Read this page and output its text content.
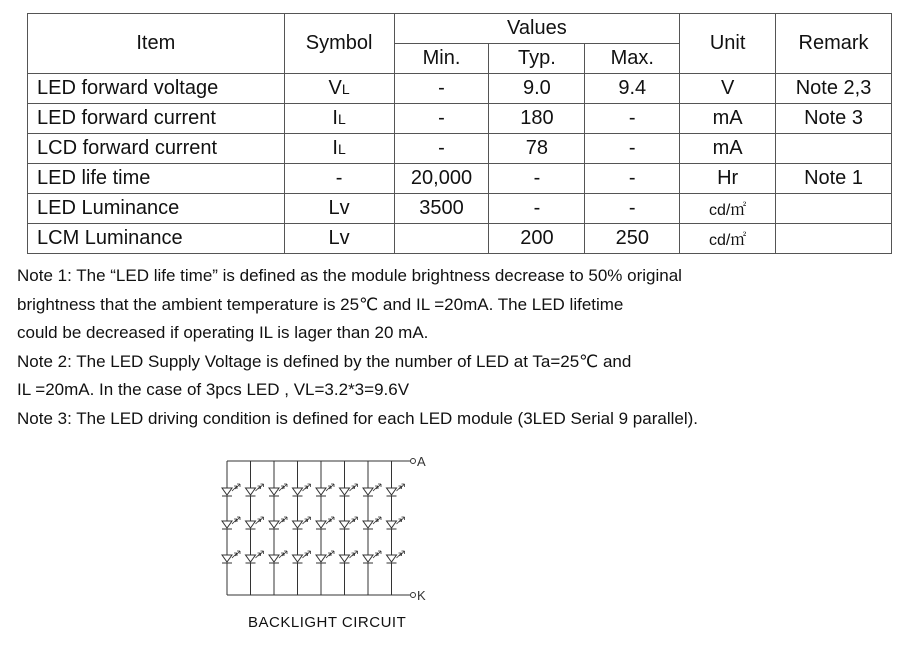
Item	Symbol	Values			Unit	Remark
		Min.	Typ.	Max.		
LED forward voltage	VL	-	9.0	9.4	V	Note 2,3
LED forward current	IL	-	180	-	mA	Note 3
LCD forward current	IL	-	78	-	mA	
LED life time	-	20,000	-	-	Hr	Note 1
LED Luminance	Lv	3500	-	-	cd/㎡	
LCM Luminance	Lv		200	250	cd/㎡	
Note 1: The “LED life time” is defined as the module brightness decrease to 50% original
brightness that the ambient temperature is 25℃ and IL =20mA. The LED lifetime
could be decreased if operating IL is lager than 20 mA.
Note 2: The LED Supply Voltage is defined by the number of LED at Ta=25℃ and
IL =20mA. In the case of 3pcs LED , VL=3.2*3=9.6V
Note 3: The LED driving condition is defined for each LED module (3LED Serial 9 parallel).
A
K
BACKLIGHT CIRCUIT
